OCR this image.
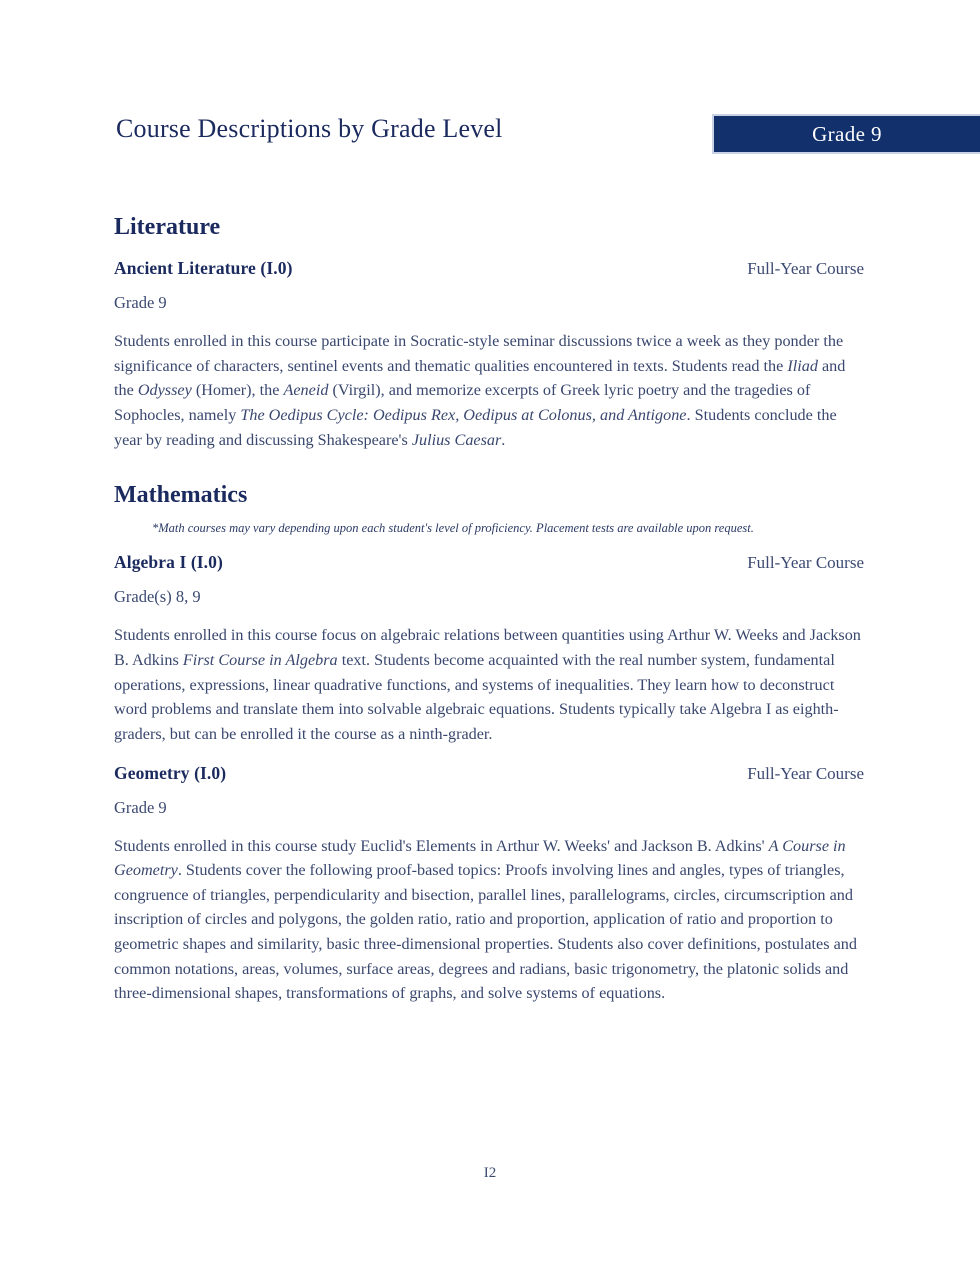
Course Descriptions by Grade Level	Grade 9
Literature
Ancient Literature (I.0)	Full-Year Course
Grade 9

Students enrolled in this course participate in Socratic-style seminar discussions twice a week as they ponder the significance of characters, sentinel events and thematic qualities encountered in texts. Students read the Iliad and the Odyssey (Homer), the Aeneid (Virgil), and memorize excerpts of Greek lyric poetry and the tragedies of Sophocles, namely The Oedipus Cycle: Oedipus Rex, Oedipus at Colonus, and Antigone. Students conclude the year by reading and discussing Shakespeare's Julius Caesar.

Mathematics
*Math courses may vary depending upon each student's level of proficiency. Placement tests are available upon request.
Algebra I (I.0)	Full-Year Course
Grade(s) 8, 9

Students enrolled in this course focus on algebraic relations between quantities using Arthur W. Weeks and Jackson B. Adkins First Course in Algebra text. Students become acquainted with the real number system, fundamental operations, expressions, linear quadrative functions, and systems of inequalities. They learn how to deconstruct word problems and translate them into solvable algebraic equations. Students typically take Algebra I as eighth-graders, but can be enrolled it the course as a ninth-grader.

Geometry (I.0)	Full-Year Course
Grade 9

Students enrolled in this course study Euclid's Elements in Arthur W. Weeks' and Jackson B. Adkins' A Course in Geometry. Students cover the following proof-based topics: Proofs involving lines and angles, types of triangles, congruence of triangles, perpendicularity and bisection, parallel lines, parallelograms, circles, circumscription and inscription of circles and polygons, the golden ratio, ratio and proportion, application of ratio and proportion to geometric shapes and similarity, basic three-dimensional properties. Students also cover definitions, postulates and common notations, areas, volumes, surface areas, degrees and radians, basic trigonometry, the platonic solids and three-dimensional shapes, transformations of graphs, and solve systems of equations.

I2
